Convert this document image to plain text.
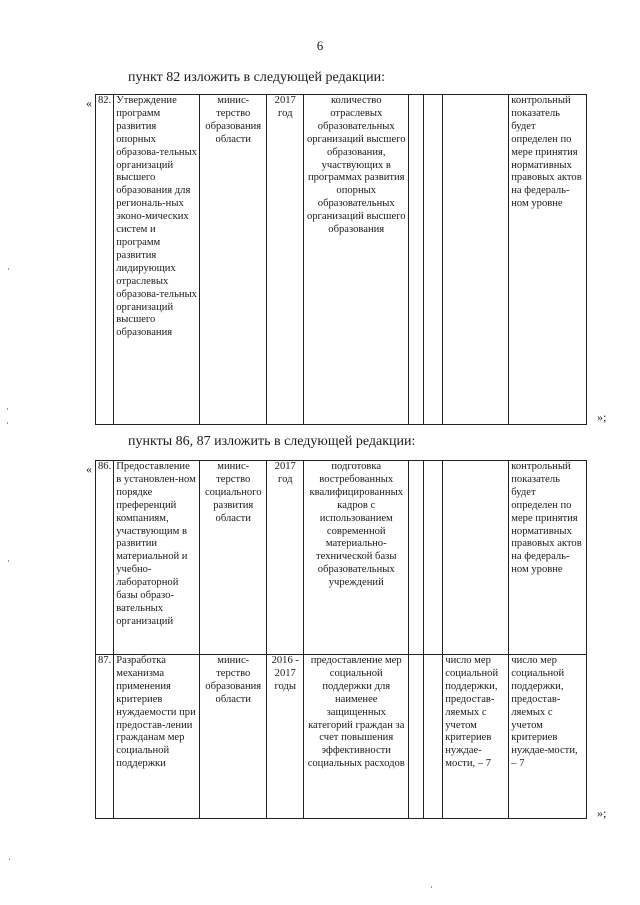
6
пункт 82 изложить в следующей редакции:
« 82.	Утверждение программ развития опорных образова-тельных организаций высшего образования для региональ-ных эконо-мических систем и программ развития лидирующих отраслевых образова-тельных организаций высшего образования	минис-терство образования области	2017 год	количество отраслевых образовательных организаций высшего образования, участвующих в программах развития опорных образовательных организаций высшего образования				контрольный показатель будет определен по мере принятия нормативных правовых актов на федераль-ном уровне
»;
пункты 86, 87 изложить в следующей редакции:
« 86.	Предоставление в установлен-ном порядке преференций компаниям, участвующим в развитии материальной и учебно-лабораторной базы образо-вательных организаций	минис-терство социального развития области	2017 год	подготовка востребованных квалифицированных кадров с использованием современной материально-технической базы образовательных учреждений				контрольный показатель будет определен по мере принятия нормативных правовых актов на федераль-ном уровне
87.	Разработка механизма применения критериев нуждаемости при предостав-лении гражданам мер социальной поддержки	минис-терство образования области	2016 - 2017 годы	предоставление мер социальной поддержки для наименее защищенных категорий граждан за счет повышения эффективности социальных расходов			число мер социальной поддержки, предостав-ляемых с учетом критериев нуждае-мости, – 7	число мер социальной поддержки, предостав-ляемых с учетом критериев нуждае-мости, – 7
»;
